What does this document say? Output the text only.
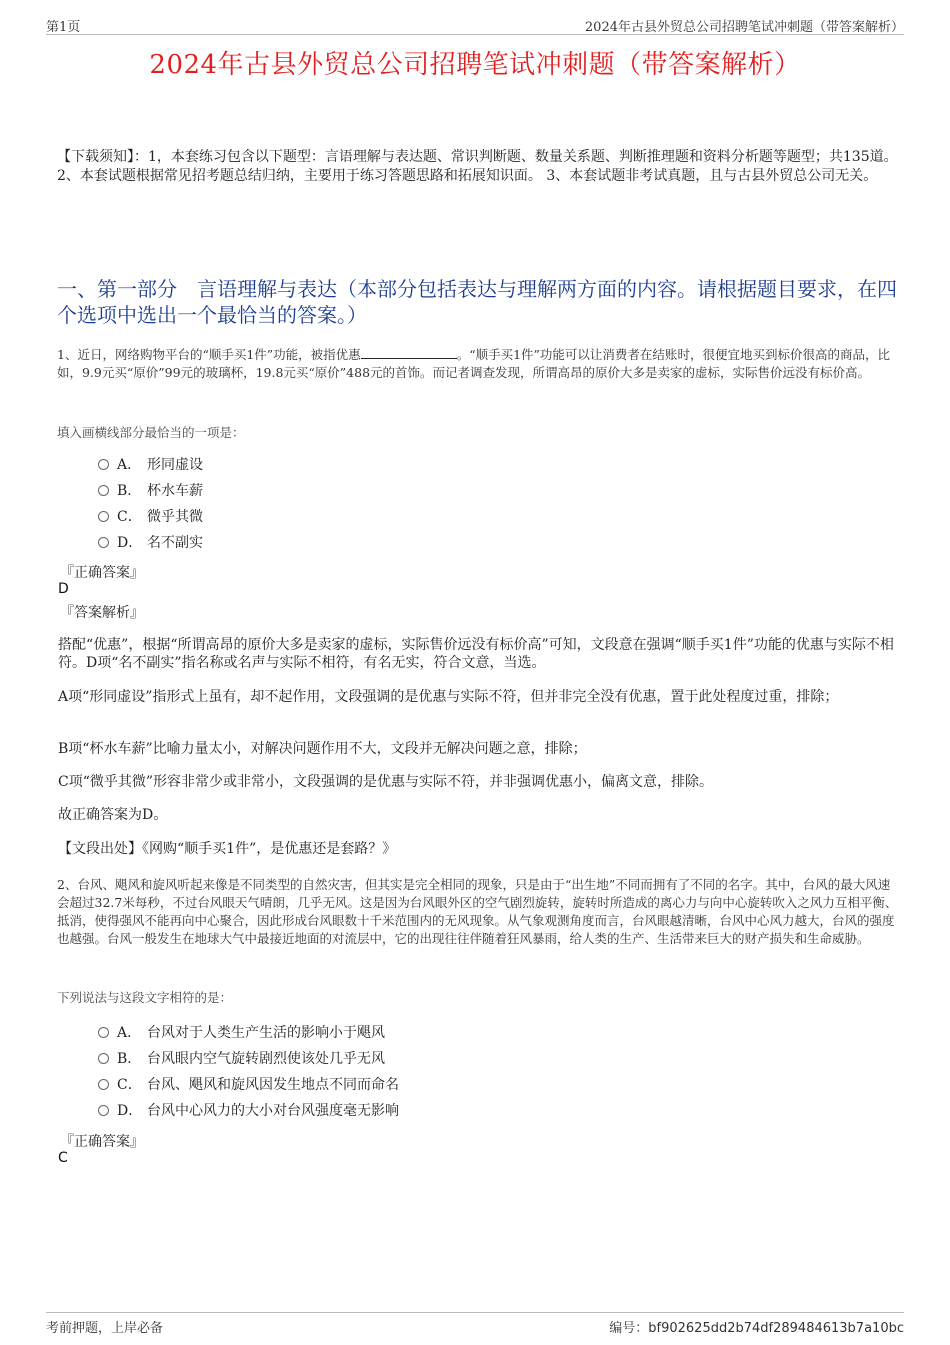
第1页	2024年古县外贸总公司招聘笔试冲刺题（带答案解析）
2024年古县外贸总公司招聘笔试冲刺题（带答案解析）
【下载须知】：1，本套练习包含以下题型：言语理解与表达题、常识判断题、数量关系题、判断推理题和资料分析题等题型；共135道。 2、本套试题根据常见招考题总结归纳，主要用于练习答题思路和拓展知识面。 3、本套试题非考试真题，且与古县外贸总公司无关。
一、第一部分　言语理解与表达（本部分包括表达与理解两方面的内容。请根据题目要求，在四个选项中选出一个最恰当的答案。）
1、近日，网络购物平台的“顺手买1件”功能，被指优惠	。“顺手买1件”功能可以让消费者在结账时，很便宜地买到标价很高的商品，比如，9.9元买“原价”99元的玻璃杯，19.8元买“原价”488元的首饰。而记者调查发现，所谓高昂的原价大多是卖家的虚标，实际售价远没有标价高。
填入画横线部分最恰当的一项是：
A． 形同虚设
B． 杯水车薪
C． 微乎其微
D． 名不副实
『正确答案』
D
『答案解析』
搭配“优惠”，根据“所谓高昂的原价大多是卖家的虚标，实际售价远没有标价高”可知，文段意在强调“顺手买1件”功能的优惠与实际不相符。D项“名不副实”指名称或名声与实际不相符，有名无实，符合文意，当选。
A项“形同虚设”指形式上虽有，却不起作用，文段强调的是优惠与实际不符，但并非完全没有优惠，置于此处程度过重，排除；
B项“杯水车薪”比喻力量太小，对解决问题作用不大，文段并无解决问题之意，排除；
C项“微乎其微”形容非常少或非常小，文段强调的是优惠与实际不符，并非强调优惠小，偏离文意，排除。
故正确答案为D。
【文段出处】《网购“顺手买1件”，是优惠还是套路？》
2、台风、飓风和旋风听起来像是不同类型的自然灾害，但其实是完全相同的现象，只是由于“出生地”不同而拥有了不同的名字。其中，台风的最大风速会超过32.7米每秒，不过台风眼天气晴朗，几乎无风。这是因为台风眼外区的空气剧烈旋转，旋转时所造成的离心力与向中心旋转吹入之风力互相平衡、抵消，使得强风不能再向中心聚合，因此形成台风眼数十千米范围内的无风现象。从气象观测角度而言，台风眼越清晰，台风中心风力越大，台风的强度也越强。台风一般发生在地球大气中最接近地面的对流层中，它的出现往往伴随着狂风暴雨，给人类的生产、生活带来巨大的财产损失和生命威胁。
下列说法与这段文字相符的是：
A． 台风对于人类生产生活的影响小于飓风
B． 台风眼内空气旋转剧烈使该处几乎无风
C． 台风、飓风和旋风因发生地点不同而命名
D． 台风中心风力的大小对台风强度毫无影响
『正确答案』
C
考前押题，上岸必备	编号：bf902625dd2b74df289484613b7a10bc
